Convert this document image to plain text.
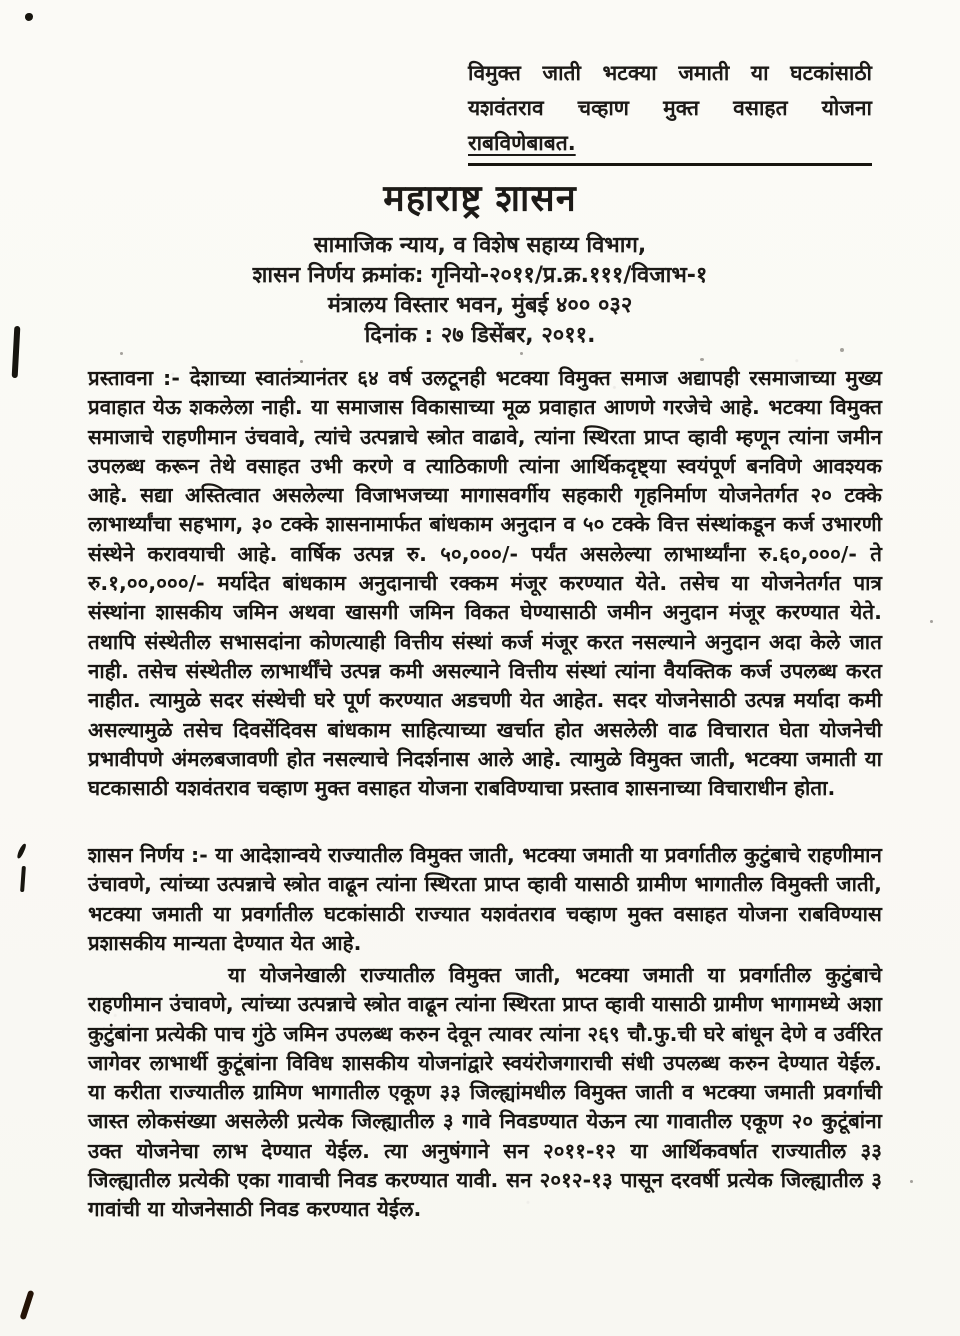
विमुक्त जाती भटक्या जमाती या घटकांसाठी
यशवंतराव चव्हाण मुक्त वसाहत योजना
राबविणेबाबत.
महाराष्ट्र शासन
सामाजिक न्याय, व विशेष सहाय्य विभाग,
शासन निर्णय क्रमांक: गृनियो-२०११/प्र.क्र.१११/विजाभ-१
मंत्रालय विस्तार भवन, मुंबई ४०० ०३२
दिनांक : २७ डिसेंबर, २०११.
प्रस्तावना :- देशाच्या स्वातंत्र्यानंतर ६४ वर्ष उलटूनही भटक्या विमुक्त समाज अद्यापही रसमाजाच्या मुख्य प्रवाहात येऊ शकलेला नाही. या समाजास विकासाच्या मूळ प्रवाहात आणणे गरजेचे आहे. भटक्या विमुक्त समाजाचे राहणीमान उंचवावे, त्यांचे उत्पन्नाचे स्त्रोत वाढावे, त्यांना स्थिरता प्राप्त व्हावी म्हणून त्यांना जमीन उपलब्ध करून तेथे वसाहत उभी करणे व त्याठिकाणी त्यांना आर्थिकदृष्ट्या स्वयंपूर्ण बनविणे आवश्यक आहे. सद्या अस्तित्वात असलेल्या विजाभजच्या मागासवर्गीय सहकारी गृहनिर्माण योजनेतर्गत २० टक्के लाभार्थ्यांचा सहभाग, ३० टक्के शासनामार्फत बांधकाम अनुदान व ५० टक्के वित्त संस्थांकडून कर्ज उभारणी संस्थेने करावयाची आहे. वार्षिक उत्पन्न रु. ५०,०००/- पर्यंत असलेल्या लाभार्थ्यांना रु.६०,०००/- ते रु.१,००,०००/- मर्यादेत बांधकाम अनुदानाची रक्कम मंजूर करण्यात येते. तसेच या योजनेतर्गत पात्र संस्थांना शासकीय जमिन अथवा खासगी जमिन विकत घेण्यासाठी जमीन अनुदान मंजूर करण्यात येते. तथापि संस्थेतील सभासदांना कोणत्याही वित्तीय संस्थां कर्ज मंजूर करत नसल्याने अनुदान अदा केले जात नाही. तसेच संस्थेतील लाभार्थींचे उत्पन्न कमी असल्याने वित्तीय संस्थां त्यांना वैयक्तिक कर्ज उपलब्ध करत नाहीत. त्यामुळे सदर संस्थेची घरे पूर्ण करण्यात अडचणी येत आहेत. सदर योजनेसाठी उत्पन्न मर्यादा कमी असल्यामुळे तसेच दिवसेंदिवस बांधकाम साहित्याच्या खर्चात होत असलेली वाढ विचारात घेता योजनेची प्रभावीपणे अंमलबजावणी होत नसल्याचे निदर्शनास आले आहे. त्यामुळे विमुक्त जाती, भटक्या जमाती या घटकासाठी यशवंतराव चव्हाण मुक्त वसाहत योजना राबविण्याचा प्रस्ताव शासनाच्या विचाराधीन होता.
शासन निर्णय :- या आदेशान्वये राज्यातील विमुक्त जाती, भटक्या जमाती या प्रवर्गातील कुटुंबाचे राहणीमान उंचावणे, त्यांच्या उत्पन्नाचे स्त्रोत वाढून त्यांना स्थिरता प्राप्त व्हावी यासाठी ग्रामीण भागातील विमुक्ती जाती, भटक्या जमाती या प्रवर्गातील घटकांसाठी राज्यात यशवंतराव चव्हाण मुक्त वसाहत योजना राबविण्यास प्रशासकीय मान्यता देण्यात येत आहे.
या योजनेखाली राज्यातील विमुक्त जाती, भटक्या जमाती या प्रवर्गातील कुटुंबाचे राहणीमान उंचावणे, त्यांच्या उत्पन्नाचे स्त्रोत वाढून त्यांना स्थिरता प्राप्त व्हावी यासाठी ग्रामीण भागामध्ये अशा कुटुंबांना प्रत्येकी पाच गुंठे जमिन उपलब्ध करुन देवून त्यावर त्यांना २६९ चौ.फु.ची घरे बांधून देणे व उर्वरित जागेवर लाभार्थी कुटूंबांना विविध शासकीय योजनांद्वारे स्वयंरोजगाराची संधी उपलब्ध करुन देण्यात येईल. या करीता राज्यातील ग्रामिण भागातील एकूण ३३ जिल्ह्यांमधील विमुक्त जाती व भटक्या जमाती प्रवर्गाची जास्त लोकसंख्या असलेली प्रत्येक जिल्ह्यातील ३ गावे निवडण्यात येऊन त्या गावातील एकूण २० कुटूंबांना उक्त योजनेचा लाभ देण्यात येईल. त्या अनुषंगाने सन २०११-१२ या आर्थिकवर्षात राज्यातील ३३ जिल्ह्यातील प्रत्येकी एका गावाची निवड करण्यात यावी. सन २०१२-१३ पासून दरवर्षी प्रत्येक जिल्ह्यातील ३ गावांची या योजनेसाठी निवड करण्यात येईल.
